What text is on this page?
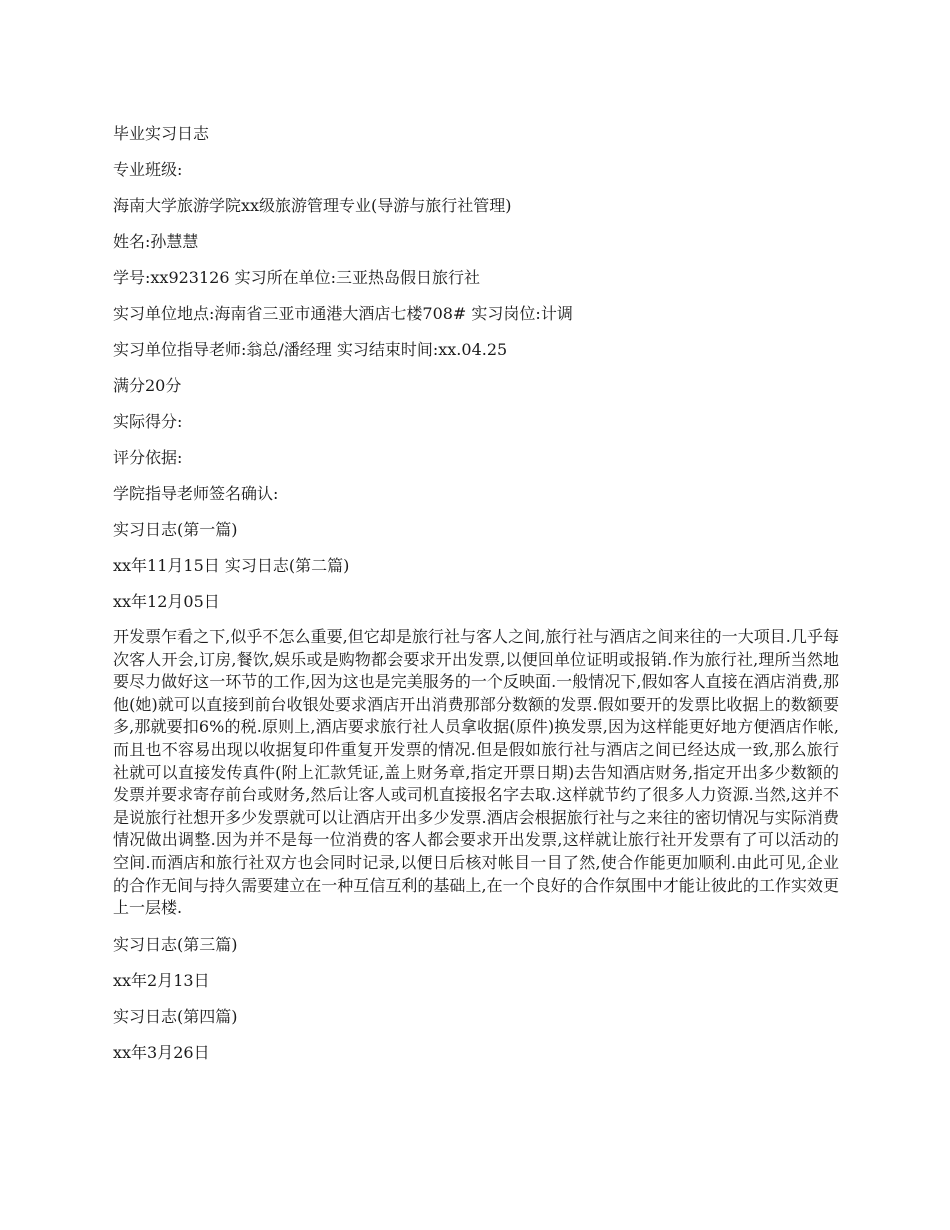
毕业实习日志
专业班级:
海南大学旅游学院xx级旅游管理专业(导游与旅行社管理)
姓名:孙慧慧
学号:xx923126 实习所在单位:三亚热岛假日旅行社
实习单位地点:海南省三亚市通港大酒店七楼708# 实习岗位:计调
实习单位指导老师:翁总/潘经理 实习结束时间:xx.04.25
满分20分
实际得分:
评分依据:
学院指导老师签名确认:
实习日志(第一篇)
xx年11月15日 实习日志(第二篇)
xx年12月05日
开发票乍看之下,似乎不怎么重要,但它却是旅行社与客人之间,旅行社与酒店之间来往的一大项目.几乎每次客人开会,订房,餐饮,娱乐或是购物都会要求开出发票,以便回单位证明或报销.作为旅行社,理所当然地要尽力做好这一环节的工作,因为这也是完美服务的一个反映面.一般情况下,假如客人直接在酒店消费,那他(她)就可以直接到前台收银处要求酒店开出消费那部分数额的发票.假如要开的发票比收据上的数额要多,那就要扣6%的税.原则上,酒店要求旅行社人员拿收据(原件)换发票,因为这样能更好地方便酒店作帐,而且也不容易出现以收据复印件重复开发票的情况.但是假如旅行社与酒店之间已经达成一致,那么旅行社就可以直接发传真件(附上汇款凭证,盖上财务章,指定开票日期)去告知酒店财务,指定开出多少数额的发票并要求寄存前台或财务,然后让客人或司机直接报名字去取.这样就节约了很多人力资源.当然,这并不是说旅行社想开多少发票就可以让酒店开出多少发票.酒店会根据旅行社与之来往的密切情况与实际消费情况做出调整.因为并不是每一位消费的客人都会要求开出发票,这样就让旅行社开发票有了可以活动的空间.而酒店和旅行社双方也会同时记录,以便日后核对帐目一目了然,使合作能更加顺利.由此可见,企业的合作无间与持久需要建立在一种互信互利的基础上,在一个良好的合作氛围中才能让彼此的工作实效更上一层楼.
实习日志(第三篇)
xx年2月13日
实习日志(第四篇)
xx年3月26日
